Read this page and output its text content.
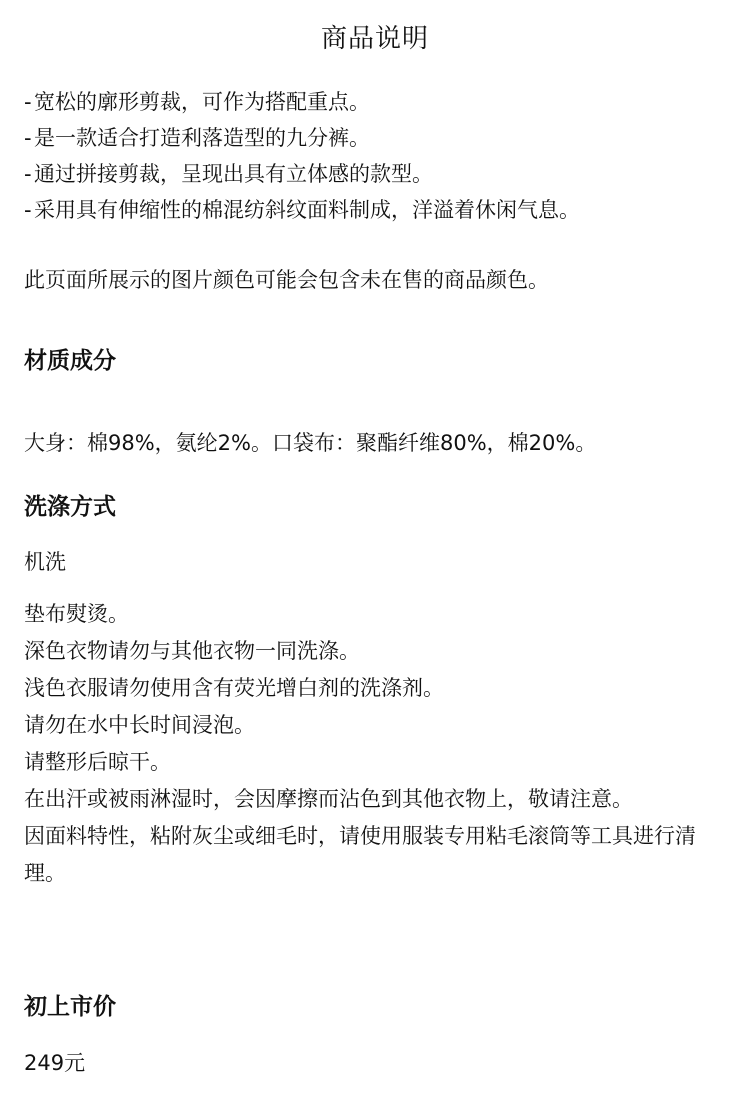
商品说明
- 宽松的廓形剪裁，可作为搭配重点。
- 是一款适合打造利落造型的九分裤。
- 通过拼接剪裁，呈现出具有立体感的款型。
- 采用具有伸缩性的棉混纺斜纹面料制成，洋溢着休闲气息。

此页面所展示的图片颜色可能会包含未在售的商品颜色。

材质成分

大身：棉98%，氨纶2%。口袋布：聚酯纤维80%，棉20%。

洗涤方式

机洗

垫布熨烫。

深色衣物请勿与其他衣物一同洗涤。

浅色衣服请勿使用含有荧光增白剂的洗涤剂。

请勿在水中长时间浸泡。

请整形后晾干。

在出汗或被雨淋湿时，会因摩擦而沾色到其他衣物上，敬请注意。

因面料特性，粘附灰尘或细毛时，请使用服装专用粘毛滚筒等工具进行清理。

初上市价

249元
